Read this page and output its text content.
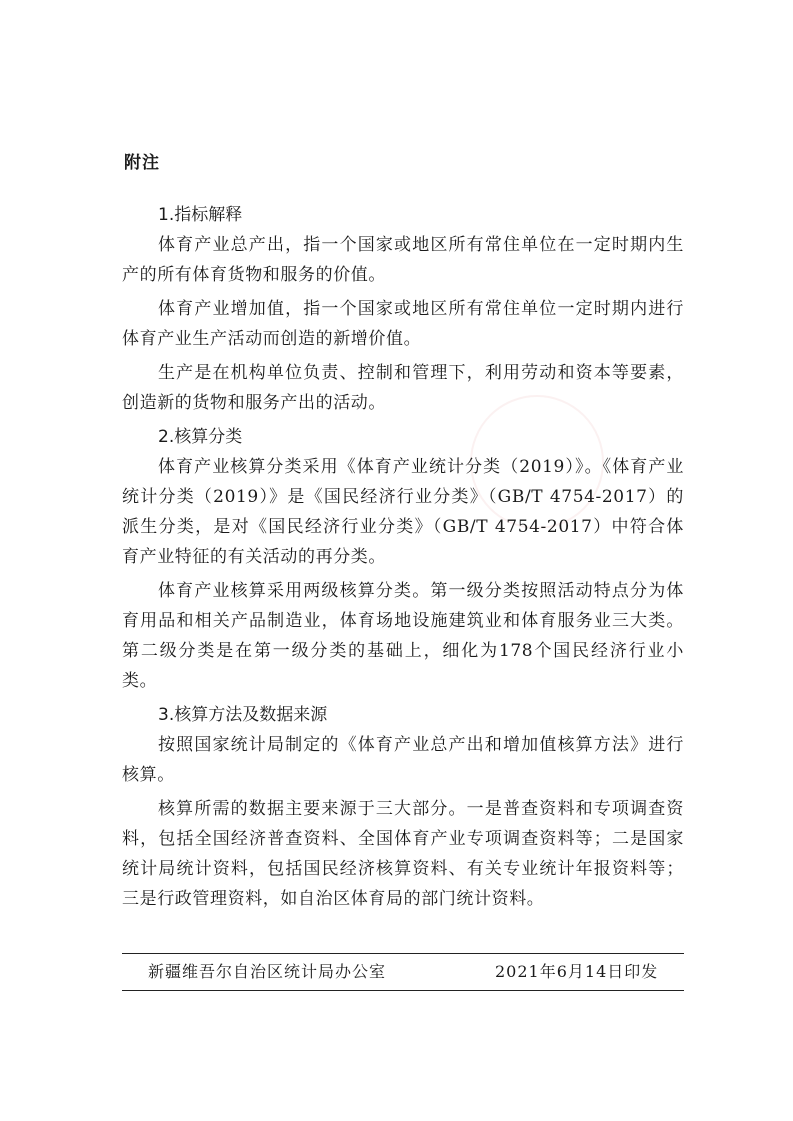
附注

1.指标解释

体育产业总产出，指一个国家或地区所有常住单位在一定时期内生产的所有体育货物和服务的价值。

体育产业增加值，指一个国家或地区所有常住单位一定时期内进行体育产业生产活动而创造的新增价值。

生产是在机构单位负责、控制和管理下，利用劳动和资本等要素，创造新的货物和服务产出的活动。

2.核算分类

体育产业核算分类采用《体育产业统计分类（2019）》。《体育产业统计分类（2019）》是《国民经济行业分类》（GB/T 4754-2017）的派生分类，是对《国民经济行业分类》（GB/T 4754-2017）中符合体育产业特征的有关活动的再分类。

体育产业核算采用两级核算分类。第一级分类按照活动特点分为体育用品和相关产品制造业，体育场地设施建筑业和体育服务业三大类。第二级分类是在第一级分类的基础上，细化为178个国民经济行业小类。

3.核算方法及数据来源

按照国家统计局制定的《体育产业总产出和增加值核算方法》进行核算。

核算所需的数据主要来源于三大部分。一是普查资料和专项调查资料，包括全国经济普查资料、全国体育产业专项调查资料等；二是国家统计局统计资料，包括国民经济核算资料、有关专业统计年报资料等；三是行政管理资料，如自治区体育局的部门统计资料。

新疆维吾尔自治区统计局办公室	2021年6月14日印发
